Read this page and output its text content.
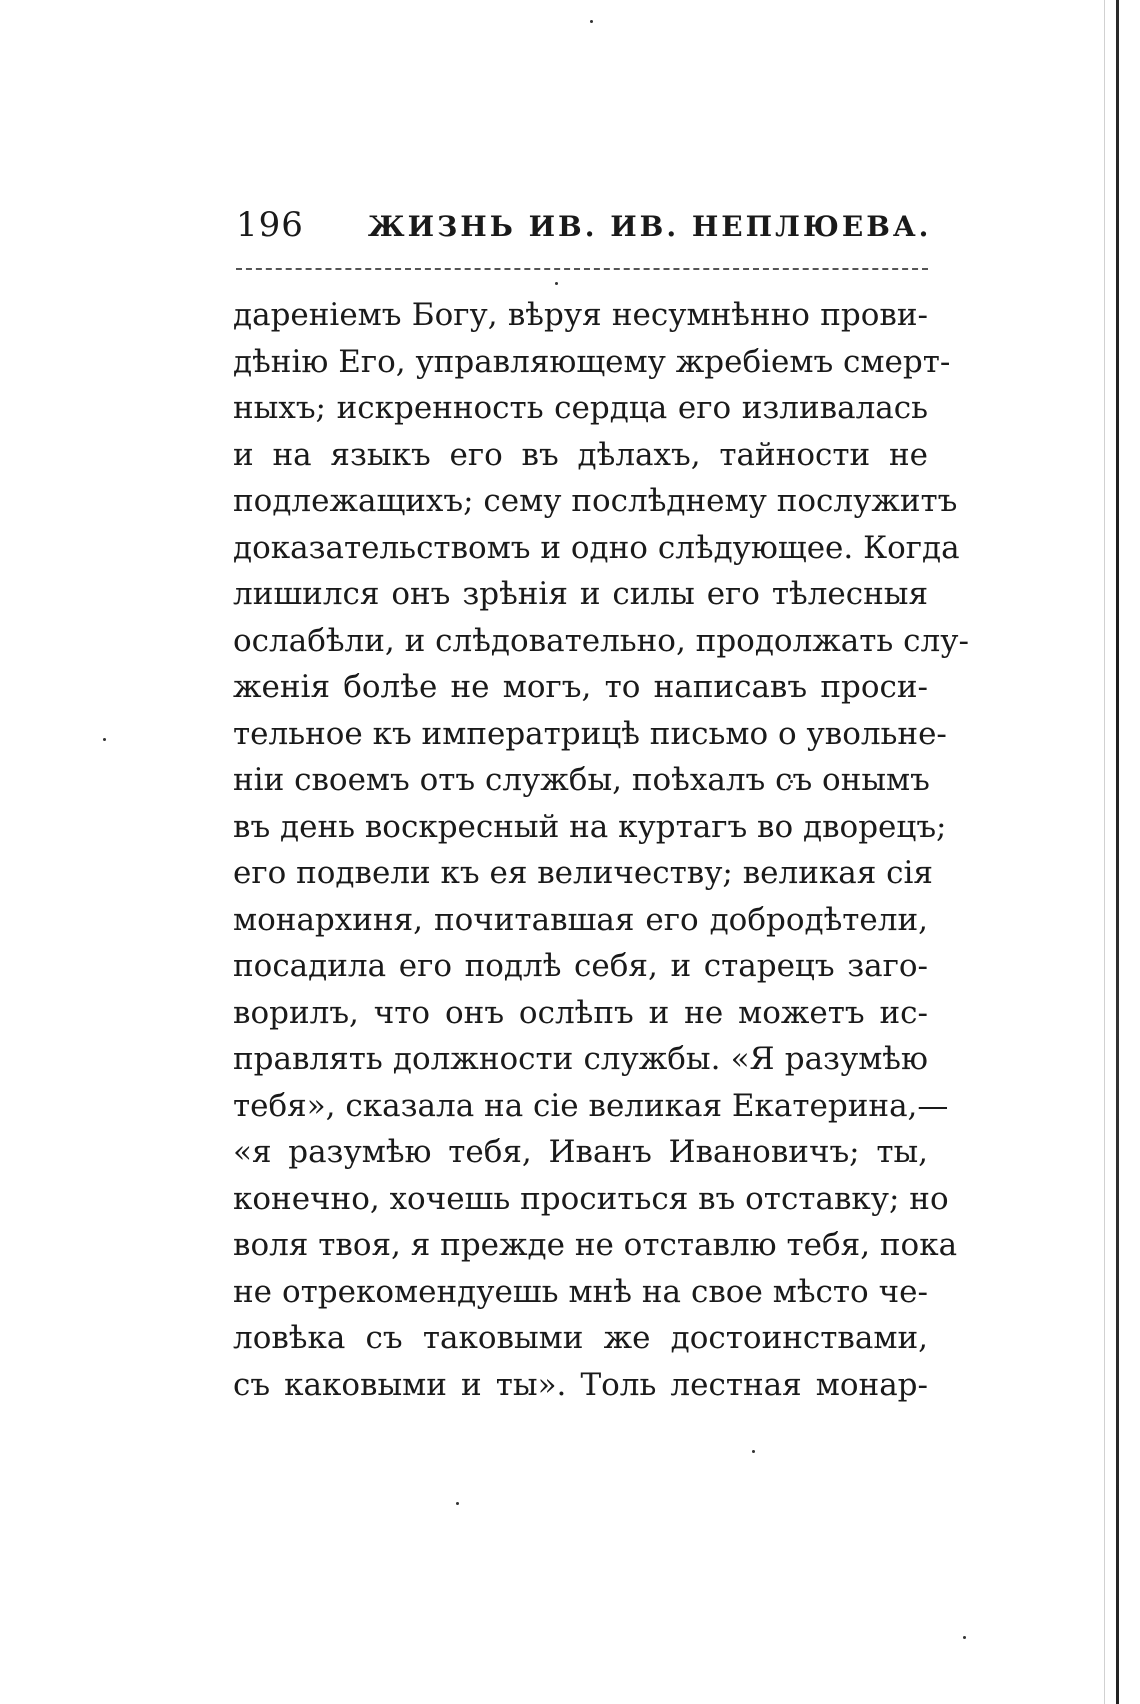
196 ЖИЗНЬ ИВ. ИВ. НЕПЛЮЕВА.
дареніемъ Богу, вѣруя несумнѣнно прови-
дѣнію Его, управляющему жребіемъ смерт-
ныхъ; искренность сердца его изливалась
и на языкъ его въ дѣлахъ, тайности не
подлежащихъ; сему послѣднему послужитъ
доказательствомъ и одно слѣдующее. Когда
лишился онъ зрѣнія и силы его тѣлесныя
ослабѣли, и слѣдовательно, продолжать слу-
женія болѣе не могъ, то написавъ проси-
тельное къ императрицѣ письмо о увольне-
ніи своемъ отъ службы, поѣхалъ съ онымъ
въ день воскресный на куртагъ во дворецъ;
его подвели къ ея величеству; великая сія
монархиня, почитавшая его добродѣтели,
посадила его подлѣ себя, и старецъ заго-
ворилъ, что онъ ослѣпъ и не можетъ ис-
правлять должности службы. «Я разумѣю
тебя», сказала на сіе великая Екатерина,—
«я разумѣю тебя, Иванъ Ивановичъ; ты,
конечно, хочешь проситься въ отставку; но
воля твоя, я прежде не отставлю тебя, пока
не отрекомендуешь мнѣ на свое мѣсто че-
ловѣка съ таковыми же достоинствами,
съ каковыми и ты». Толь лестная монар-
